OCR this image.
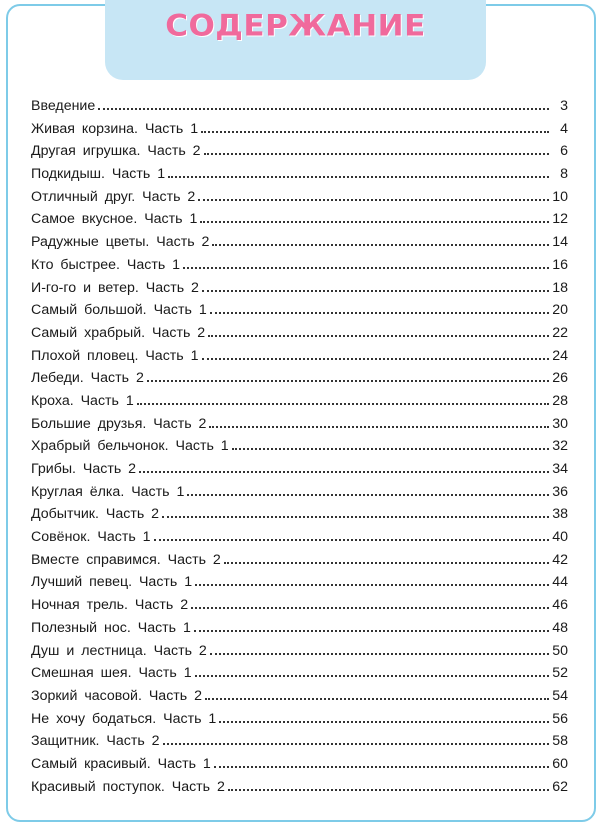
СОДЕРЖАНИЕ
Введение	3
Живая корзина. Часть 1	4
Другая игрушка. Часть 2	6
Подкидыш. Часть 1	8
Отличный друг. Часть 2	10
Самое вкусное. Часть 1	12
Радужные цветы. Часть 2	14
Кто быстрее. Часть 1	16
И-го-го и ветер. Часть 2	18
Самый большой. Часть 1	20
Самый храбрый. Часть 2	22
Плохой пловец. Часть 1	24
Лебеди. Часть 2	26
Кроха. Часть 1	28
Большие друзья. Часть 2	30
Храбрый бельчонок. Часть 1	32
Грибы. Часть 2	34
Круглая ёлка. Часть 1	36
Добытчик. Часть 2	38
Совёнок. Часть 1	40
Вместе справимся. Часть 2	42
Лучший певец. Часть 1	44
Ночная трель. Часть 2	46
Полезный нос. Часть 1	48
Душ и лестница. Часть 2	50
Смешная шея. Часть 1	52
Зоркий часовой. Часть 2	54
Не хочу бодаться. Часть 1	56
Защитник. Часть 2	58
Самый красивый. Часть 1	60
Красивый поступок. Часть 2	62
